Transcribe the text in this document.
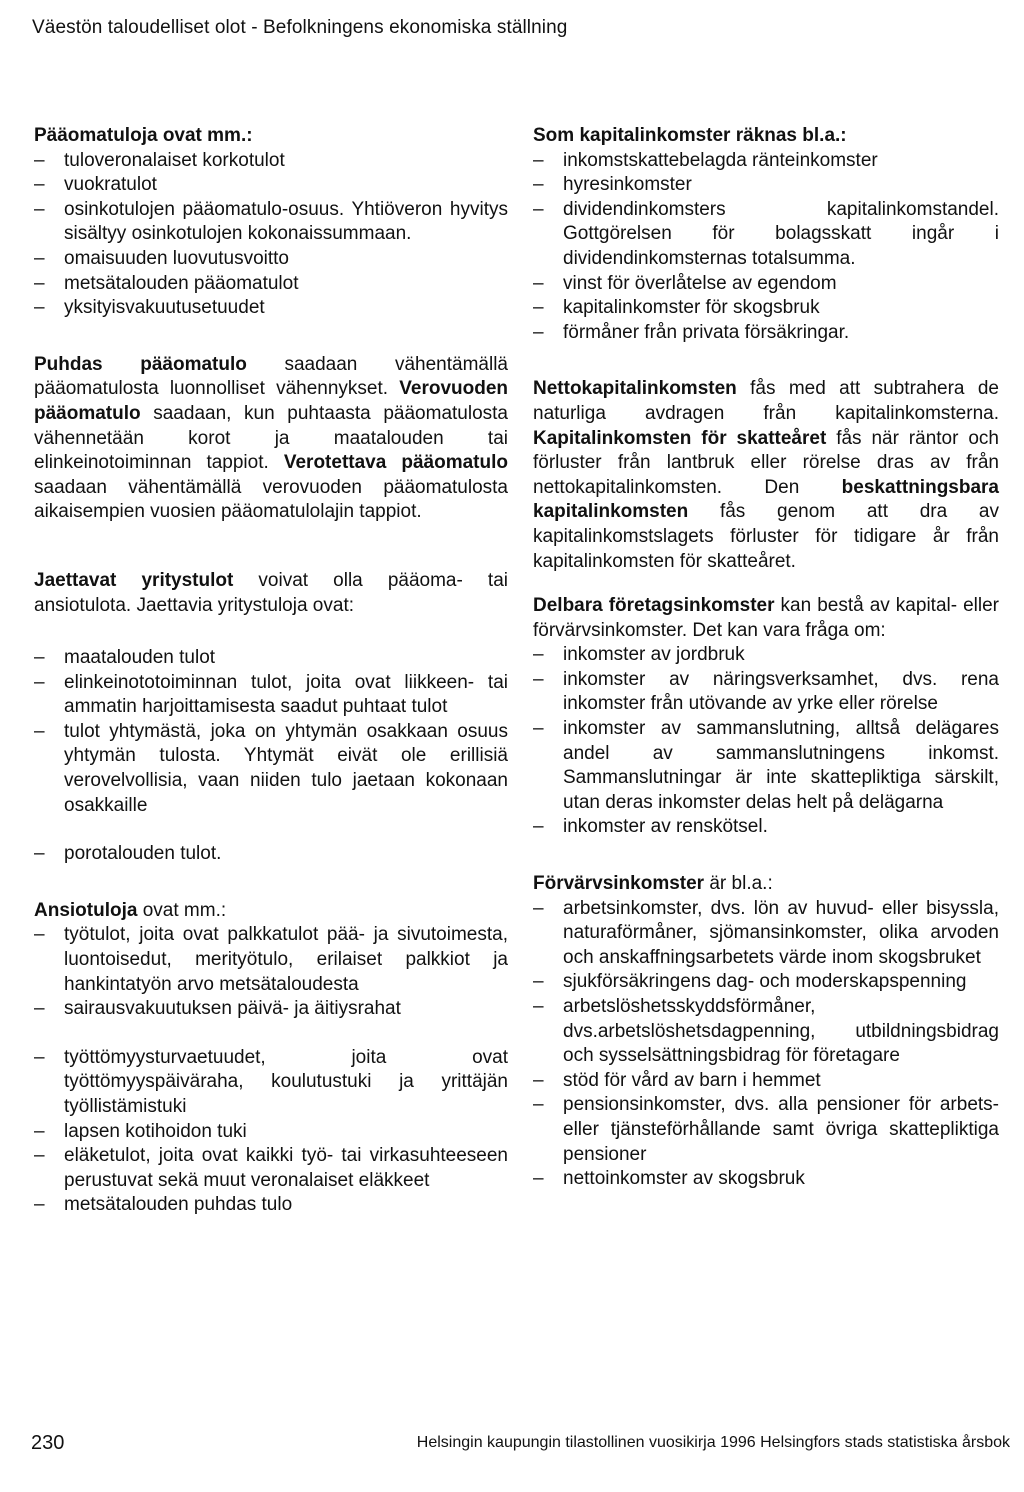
Väestön taloudelliset olot - Befolkningens ekonomiska ställning
Pääomatuloja ovat mm.:
– tuloveronalaiset korkotulot
– vuokratulot
– osinkotulojen pääomatulo-osuus. Yhtiöveron hyvitys sisältyy osinkotulojen kokonaissummaan.
– omaisuuden luovutusvoitto
– metsätalouden pääomatulot
– yksityisvakuutusetuudet

Puhdas pääomatulo saadaan vähentämällä pääomatulosta luonnolliset vähennykset. Verovuoden pääomatulo saadaan, kun puhtaasta pääomatulosta vähennetään korot ja maatalouden tai elinkeinotoiminnan tappiot. Verotettava pääomatulo saadaan vähentämällä verovuoden pääomatulosta aikaisempien vuosien pääomatulolajin tappiot.

Jaettavat yritystulot voivat olla pääoma- tai ansiotulota. Jaettavia yritystuloja ovat:

– maatalouden tulot
– elinkeinototoiminnan tulot, joita ovat liikkeen- tai ammatin harjoittamisesta saadut puhtaat tulot
– tulot yhtymästä, joka on yhtymän osakkaan osuus yhtymän tulosta. Yhtymät eivät ole erillisiä verovelvollisia, vaan niiden tulo jaetaan kokonaan osakkaille
– porotalouden tulot.
Ansiotuloja ovat mm.:
– työtulot, joita ovat palkkatulot pää- ja sivutoimesta, luontoisedut, merityötulo, erilaiset palkkiot ja hankintatyön arvo metsätaloudesta
– sairausvakuutuksen päivä- ja äitiysrahat
– työttömyysturvaetuudet, joita ovat työttömyyspäiväraha, koulutustuki ja yrittäjän työllistämistuki
– lapsen kotihoidon tuki
– eläketulot, joita ovat kaikki työ- tai virkasuhteeseen perustuvat sekä muut veronalaiset eläkkeet
– metsätalouden puhdas tulo
Som kapitalinkomster räknas bl.a.:
– inkomstskattebelagda ränteinkomster
– hyresinkomster
– dividendinkomsters kapitalinkomstandel. Gottgörelsen för bolagsskatt ingår i dividendinkomsternas totalsumma.
– vinst för överlåtelse av egendom
– kapitalinkomster för skogsbruk
– förmåner från privata försäkringar.

Nettokapitalinkomsten fås med att subtrahera de naturliga avdragen från kapitalinkomsterna. Kapitalinkomsten för skatteåret fås när räntor och förluster från lantbruk eller rörelse dras av från nettokapitalinkomsten. Den beskattningsbara kapitalinkomsten fås genom att dra av kapitalinkomstslagets förluster för tidigare år från kapitalinkomsten för skatteåret.

Delbara företagsinkomster kan bestå av kapital- eller förvärvsinkomster. Det kan vara fråga om:

– inkomster av jordbruk
– inkomster av näringsverksamhet, dvs. rena inkomster från utövande av yrke eller rörelse
– inkomster av sammanslutning, alltså delägares andel av sammanslutningens inkomst. Sammanslutningar är inte skattepliktiga särskilt, utan deras inkomster delas helt på delägarna
– inkomster av renskötsel.
Förvärvsinkomster är bl.a.:
– arbetsinkomster, dvs. lön av huvud- eller bisyssla, naturaförmåner, sjömansinkomster, olika arvoden och anskaffningsarbetets värde inom skogsbruket
– sjukförsäkringens dag- och moderskapspenning
– arbetslöshetsskyddsförmåner, dvs.arbetslöshetsdagpenning, utbildningsbidrag och sysselsättningsbidrag för företagare
– stöd för vård av barn i hemmet
– pensionsinkomster, dvs. alla pensioner för arbets- eller tjänsteförhållande samt övriga skattepliktiga pensioner
– nettoinkomster av skogsbruk
230	Helsingin kaupungin tilastollinen vuosikirja 1996 Helsingfors stads statistiska årsbok
